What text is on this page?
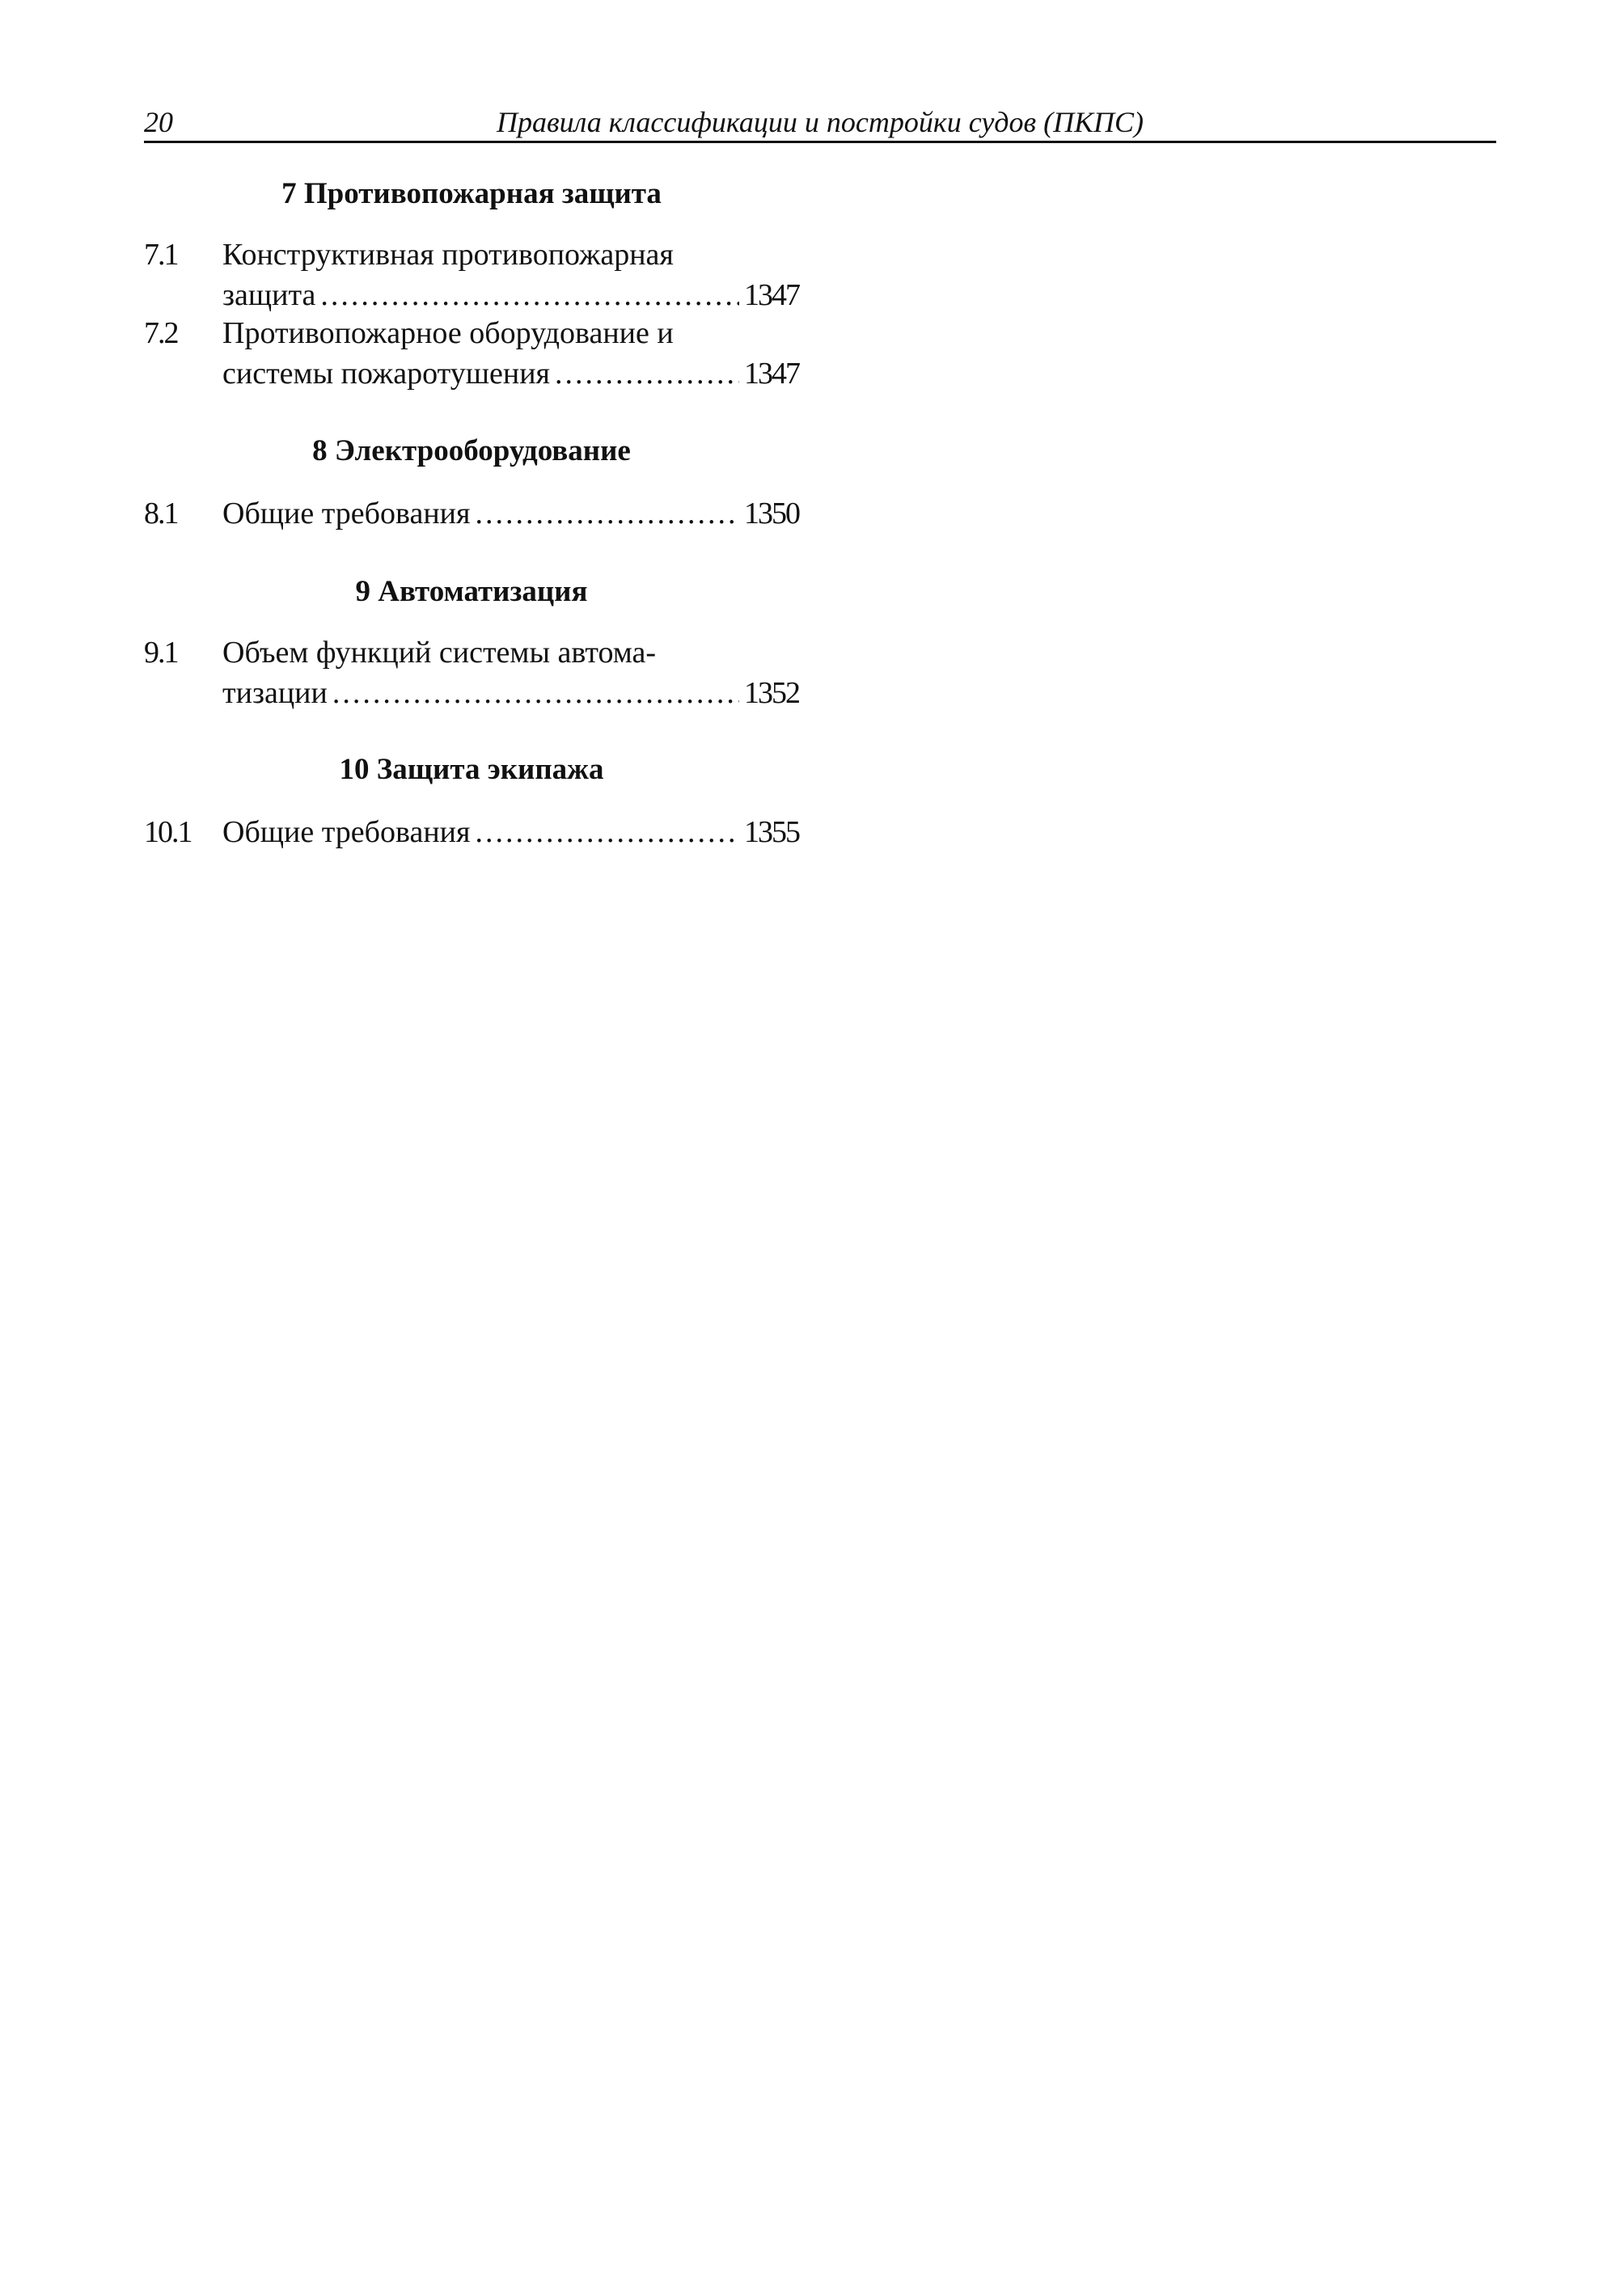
20	Правила классификации и постройки судов (ПКПС)
7 Противопожарная защита
7.1 Конструктивная противопожарная
защита .....	1347
7.2 Противопожарное оборудование и
системы пожаротушения .....	1347
8 Электрооборудование
8.1 Общие требования .....	1350
9 Автоматизация
9.1 Объем функций системы автома-
тизации .....	1352
10 Защита экипажа
10.1 Общие требования .....	1355
